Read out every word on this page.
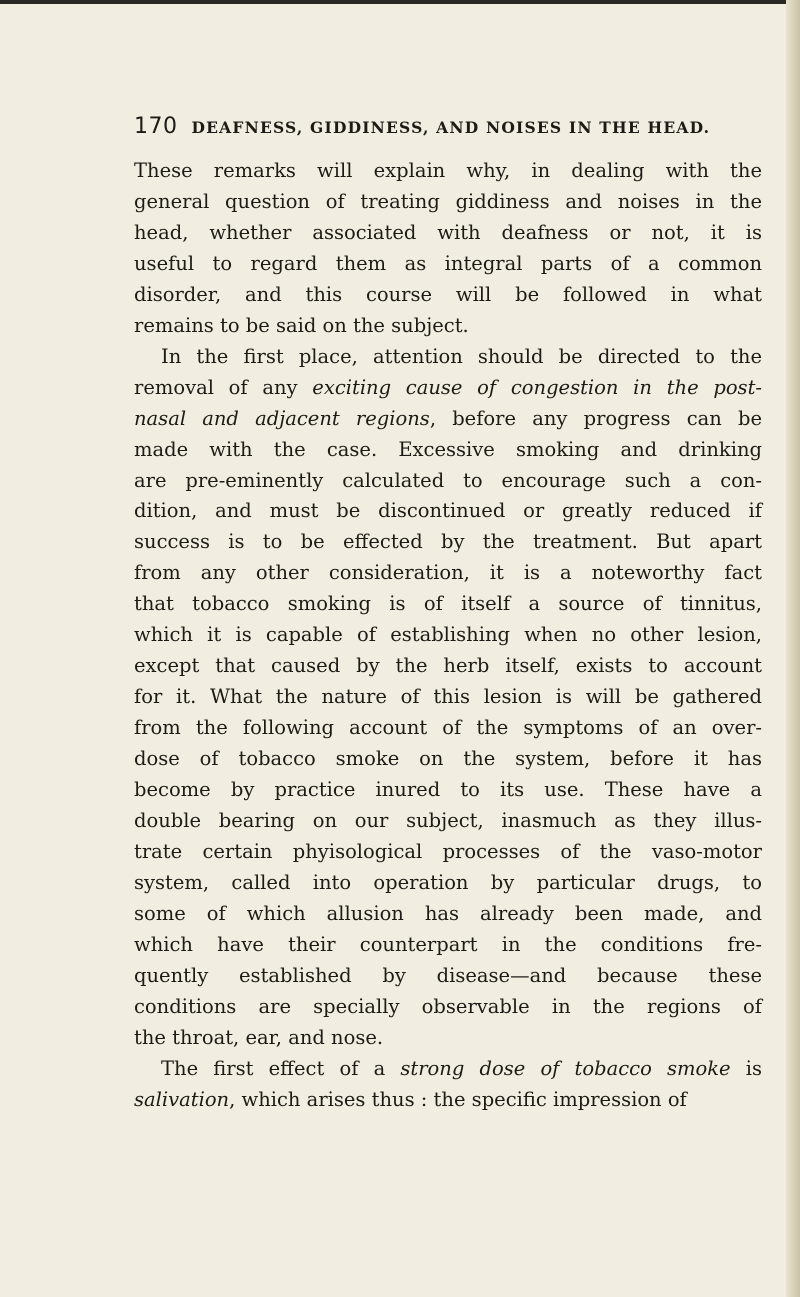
170 DEAFNESS, GIDDINESS, AND NOISES IN THE HEAD.
These remarks will explain why, in dealing with the
general question of treating giddiness and noises in the
head, whether associated with deafness or not, it is
useful to regard them as integral parts of a common
disorder, and this course will be followed in what
remains to be said on the subject.
In the first place, attention should be directed to the
removal of any exciting cause of congestion in the post-
nasal and adjacent regions, before any progress can be
made with the case. Excessive smoking and drinking
are pre-eminently calculated to encourage such a con-
dition, and must be discontinued or greatly reduced if
success is to be effected by the treatment. But apart
from any other consideration, it is a noteworthy fact
that tobacco smoking is of itself a source of tinnitus,
which it is capable of establishing when no other lesion,
except that caused by the herb itself, exists to account
for it. What the nature of this lesion is will be gathered
from the following account of the symptoms of an over-
dose of tobacco smoke on the system, before it has
become by practice inured to its use. These have a
double bearing on our subject, inasmuch as they illus-
trate certain phyisological processes of the vaso-motor
system, called into operation by particular drugs, to
some of which allusion has already been made, and
which have their counterpart in the conditions fre-
quently established by disease—and because these
conditions are specially observable in the regions of
the throat, ear, and nose.
The first effect of a strong dose of tobacco smoke is
salivation, which arises thus : the specific impression of
